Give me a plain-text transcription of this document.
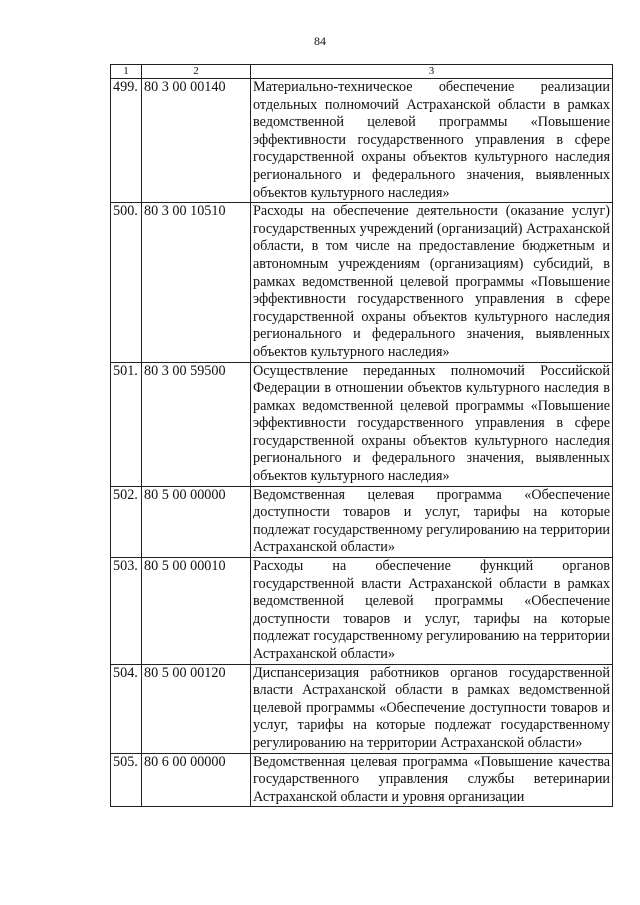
84
1	2	3
499.	80 3 00 00140	Материально-техническое обеспечение реализации отдельных полномочий Астраханской области в рамках ведомственной целевой программы «Повышение эффективности государственного управления в сфере государственной охраны объектов культурного наследия регионального и федерального значения, выявленных объектов культурного наследия»
500.	80 3 00 10510	Расходы на обеспечение деятельности (оказание услуг) государственных учреждений (организаций) Астраханской области, в том числе на предоставление бюджетным и автономным учреждениям (организациям) субсидий, в рамках ведомственной целевой программы «Повышение эффективности государственного управления в сфере государственной охраны объектов культурного наследия регионального и федерального значения, выявленных объектов культурного наследия»
501.	80 3 00 59500	Осуществление переданных полномочий Российской Федерации в отношении объектов культурного наследия в рамках ведомственной целевой программы «Повышение эффективности государственного управления в сфере государственной охраны объектов культурного наследия регионального и федерального значения, выявленных объектов культурного наследия»
502.	80 5 00 00000	Ведомственная целевая программа «Обеспечение доступности товаров и услуг, тарифы на которые подлежат государственному регулированию на территории Астраханской области»
503.	80 5 00 00010	Расходы на обеспечение функций органов государственной власти Астраханской области в рамках ведомственной целевой программы «Обеспечение доступности товаров и услуг, тарифы на которые подлежат государственному регулированию на территории Астраханской области»
504.	80 5 00 00120	Диспансеризация работников органов государственной власти Астраханской области в рамках ведомственной целевой программы «Обеспечение доступности товаров и услуг, тарифы на которые подлежат государственному регулированию на территории Астраханской области»
505.	80 6 00 00000	Ведомственная целевая программа «Повышение качества государственного управления службы ветеринарии Астраханской области и уровня организации
